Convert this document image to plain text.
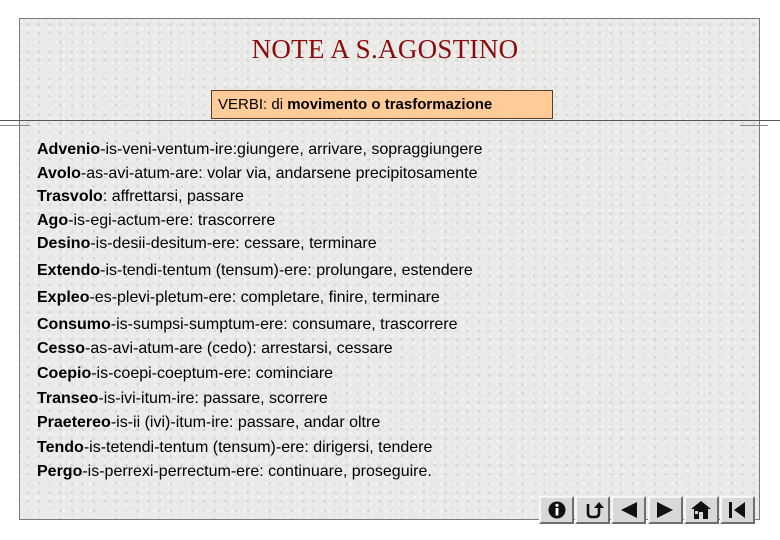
NOTE A S.AGOSTINO
VERBI: di movimento o trasformazione
Advenio-is-veni-ventum-ire:giungere, arrivare, sopraggiungere
Avolo-as-avi-atum-are: volar via, andarsene precipitosamente
Trasvolo: affrettarsi, passare
Ago-is-egi-actum-ere: trascorrere
Desino-is-desii-desitum-ere: cessare, terminare
Extendo-is-tendi-tentum (tensum)-ere: prolungare, estendere
Expleo-es-plevi-pletum-ere: completare, finire, terminare
Consumo-is-sumpsi-sumptum-ere: consumare, trascorrere
Cesso-as-avi-atum-are (cedo): arrestarsi, cessare
Coepio-is-coepi-coeptum-ere: cominciare
Transeo-is-ivi-itum-ire: passare, scorrere
Praetereo-is-ii (ivi)-itum-ire: passare, andar oltre
Tendo-is-tetendi-tentum (tensum)-ere: dirigersi, tendere
Pergo-is-perrexi-perrectum-ere: continuare, proseguire.
